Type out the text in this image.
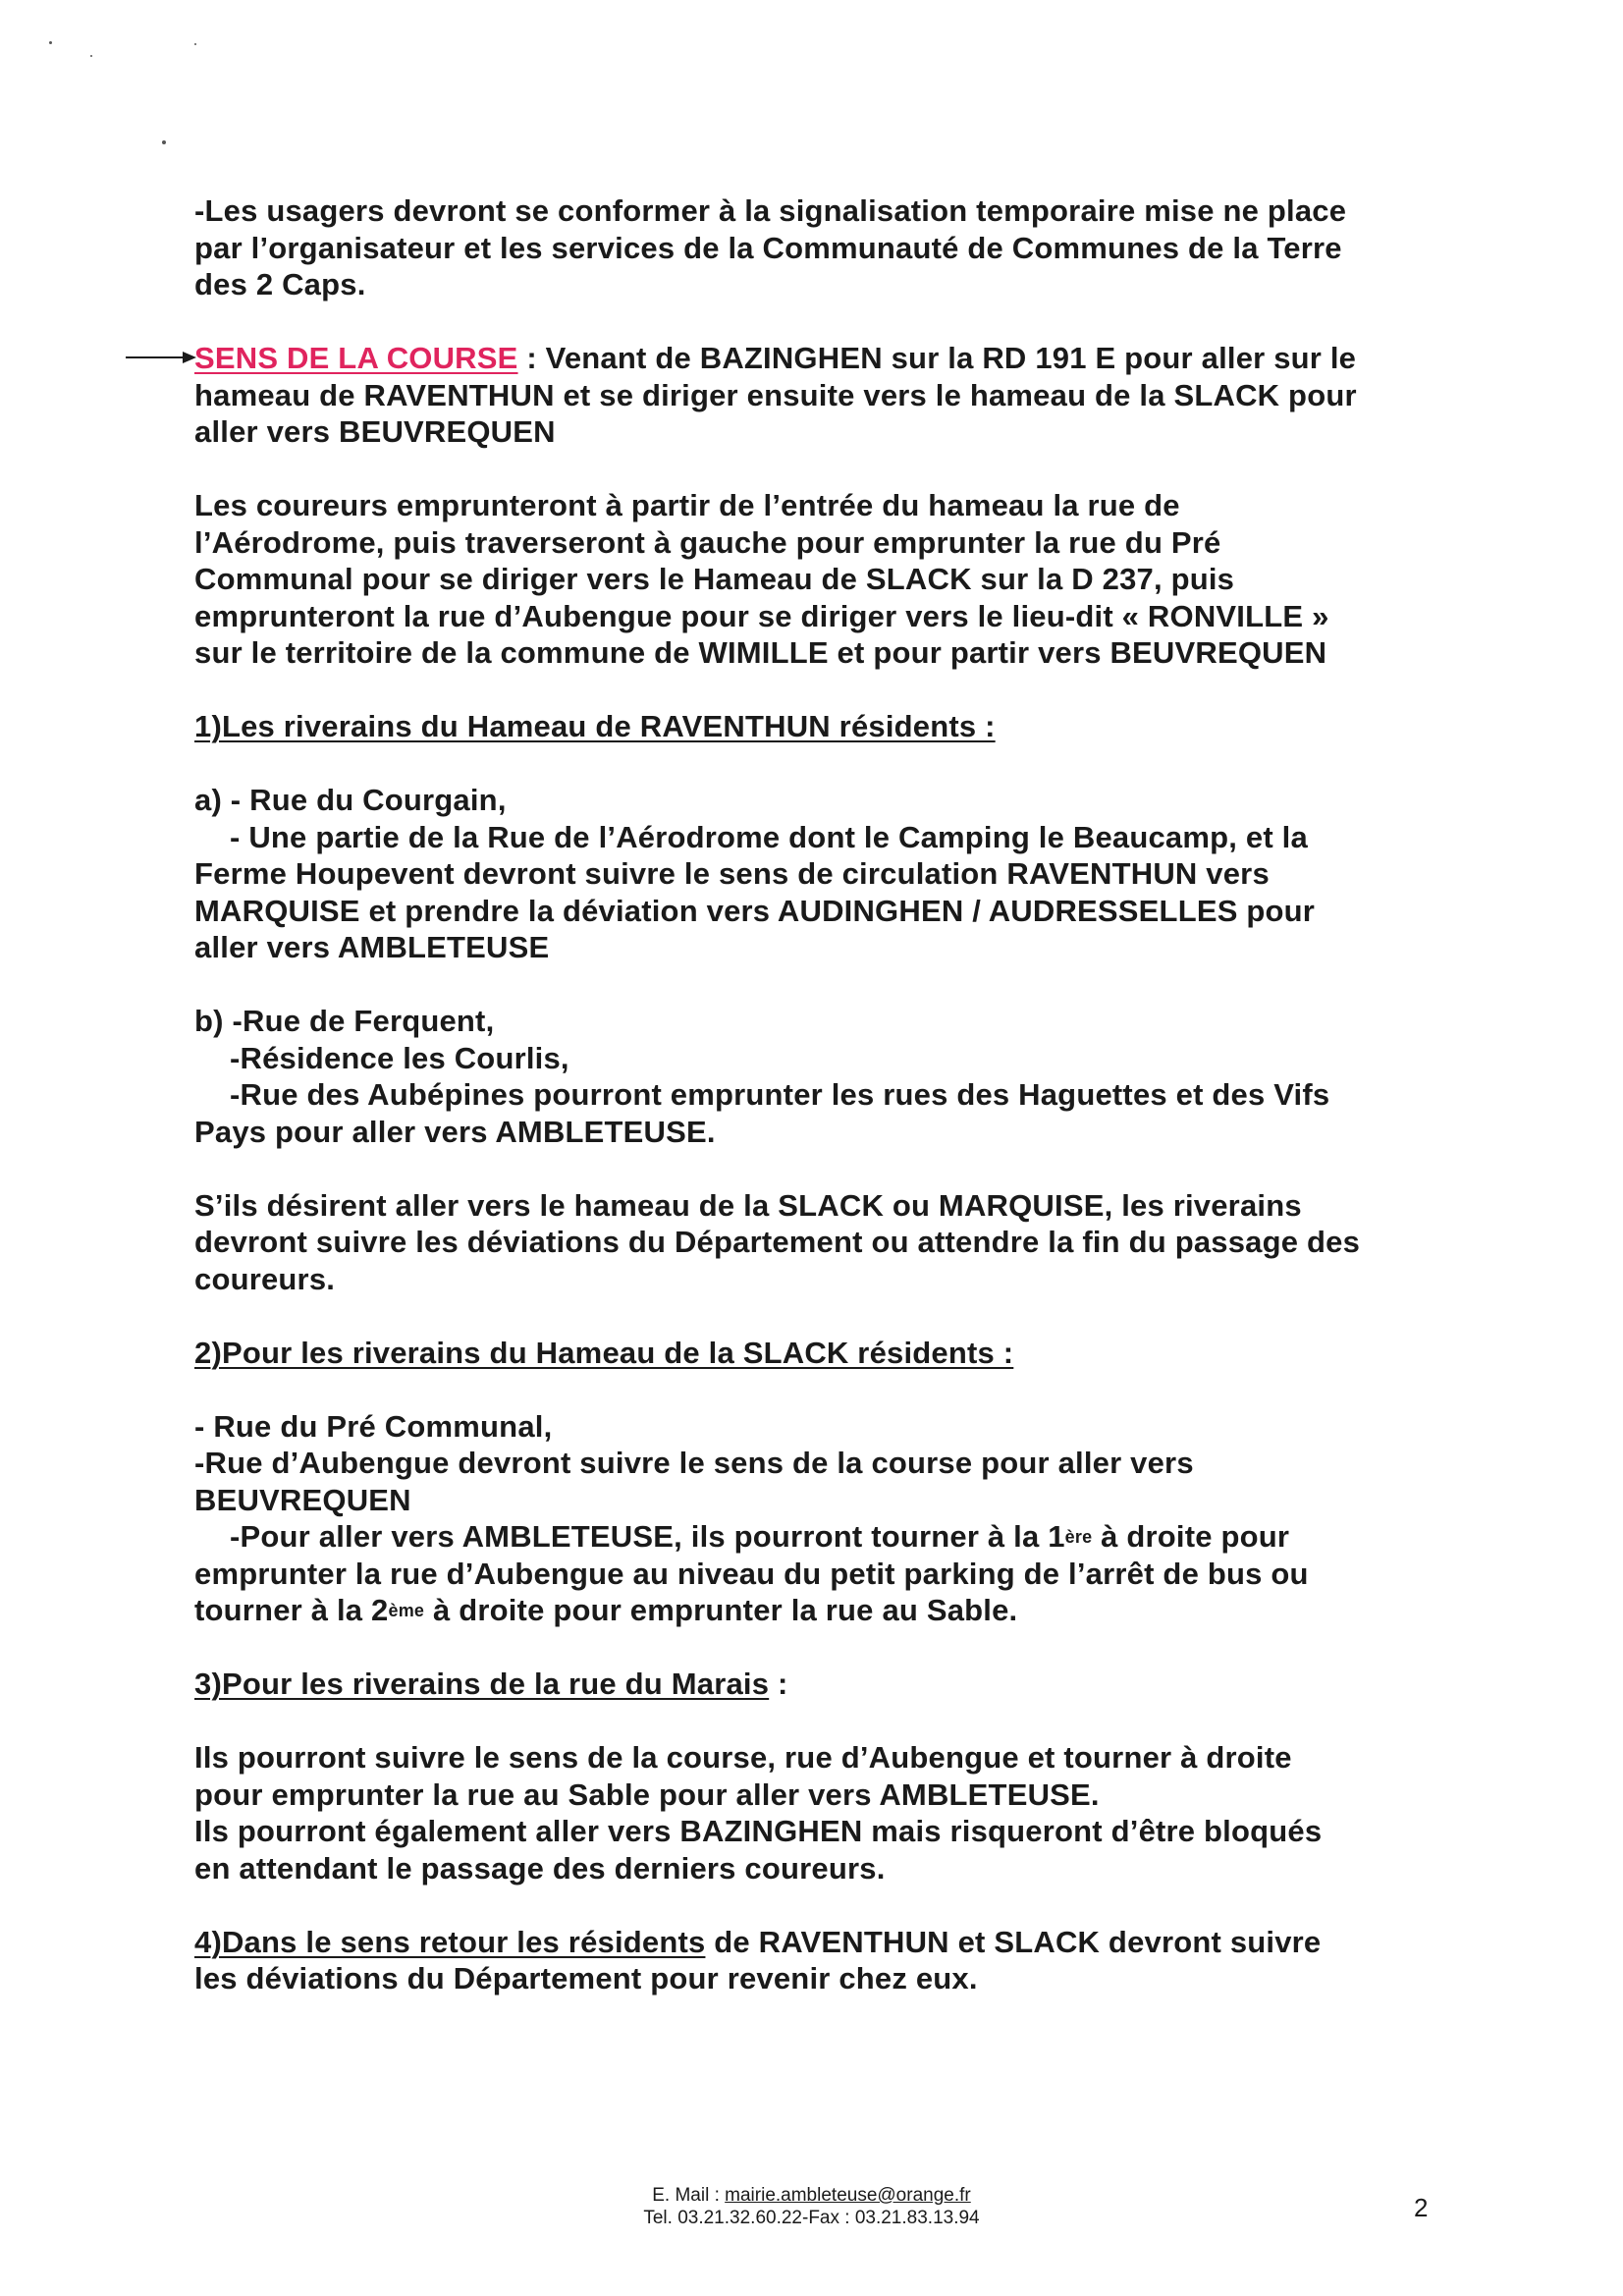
-Les usagers devront se conformer à la signalisation temporaire mise ne place
par l’organisateur et les services de la Communauté de Communes de la Terre
des 2 Caps.

SENS DE LA COURSE : Venant de BAZINGHEN sur la RD 191 E pour aller sur le
hameau de RAVENTHUN et se diriger ensuite vers le hameau de la SLACK pour
aller vers BEUVREQUEN

Les coureurs emprunteront à partir de l’entrée du hameau la rue de
l’Aérodrome, puis traverseront à gauche pour emprunter la rue du Pré
Communal pour se diriger vers le Hameau de SLACK sur la D 237, puis
emprunteront la rue d’Aubengue pour se diriger vers le lieu-dit « RONVILLE »
sur le territoire de la commune de WIMILLE et pour partir vers BEUVREQUEN

1)Les riverains du Hameau de RAVENTHUN résidents :

a) - Rue du Courgain,
- Une partie de la Rue de l’Aérodrome dont le Camping le Beaucamp, et la
Ferme Houpevent devront suivre le sens de circulation RAVENTHUN vers
MARQUISE et prendre la déviation vers AUDINGHEN / AUDRESSELLES pour
aller vers AMBLETEUSE

b) -Rue de Ferquent,
-Résidence les Courlis,
-Rue des Aubépines pourront emprunter les rues des Haguettes et des Vifs
Pays pour aller vers AMBLETEUSE.

S’ils désirent aller vers le hameau de la SLACK ou MARQUISE, les riverains
devront suivre les déviations du Département ou attendre la fin du passage des
coureurs.

2)Pour les riverains du Hameau de la SLACK résidents :

- Rue du Pré Communal,
-Rue d’Aubengue devront suivre le sens de la course pour aller vers
BEUVREQUEN
-Pour aller vers AMBLETEUSE, ils pourront tourner à la 1ère à droite pour
emprunter la rue d’Aubengue au niveau du petit parking de l’arrêt de bus ou
tourner à la 2ème à droite pour emprunter la rue au Sable.

3)Pour les riverains de la rue du Marais :

Ils pourront suivre le sens de la course, rue d’Aubengue et tourner à droite
pour emprunter la rue au Sable pour aller vers AMBLETEUSE.
Ils pourront également aller vers BAZINGHEN mais risqueront d’être bloqués
en attendant le passage des derniers coureurs.

4)Dans le sens retour les résidents de RAVENTHUN et SLACK devront suivre
les déviations du Département pour revenir chez eux.

E. Mail : mairie.ambleteuse@orange.fr
Tel. 03.21.32.60.22-Fax : 03.21.83.13.94	2
